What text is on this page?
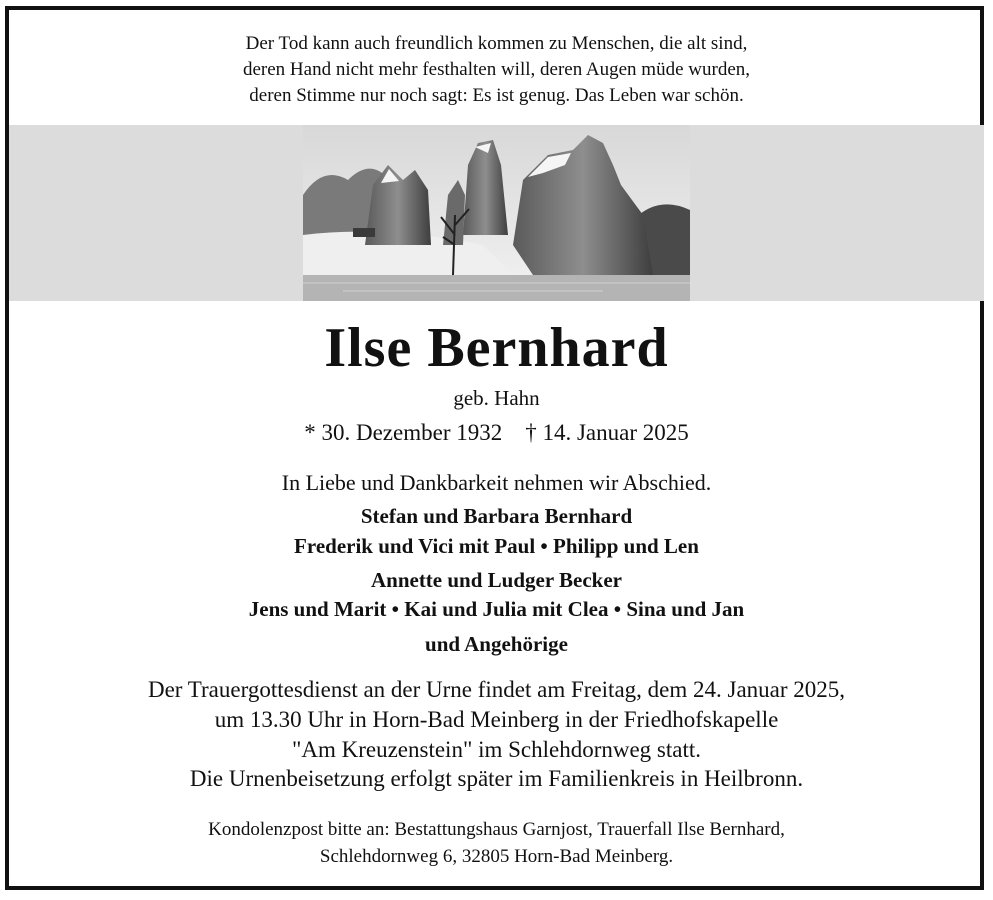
Der Tod kann auch freundlich kommen zu Menschen, die alt sind,
deren Hand nicht mehr festhalten will, deren Augen müde wurden,
deren Stimme nur noch sagt: Es ist genug. Das Leben war schön.
Ilse Bernhard
geb. Hahn
* 30. Dezember 1932    † 14. Januar 2025
In Liebe und Dankbarkeit nehmen wir Abschied.
Stefan und Barbara Bernhard
Frederik und Vici mit Paul • Philipp und Len
Annette und Ludger Becker
Jens und Marit • Kai und Julia mit Clea • Sina und Jan
und Angehörige
Der Trauergottesdienst an der Urne findet am Freitag, dem 24. Januar 2025,
um 13.30 Uhr in Horn-Bad Meinberg in der Friedhofskapelle
"Am Kreuzenstein" im Schlehdornweg statt.
Die Urnenbeisetzung erfolgt später im Familienkreis in Heilbronn.
Kondolenzpost bitte an: Bestattungshaus Garnjost, Trauerfall Ilse Bernhard,
Schlehdornweg 6, 32805 Horn-Bad Meinberg.
